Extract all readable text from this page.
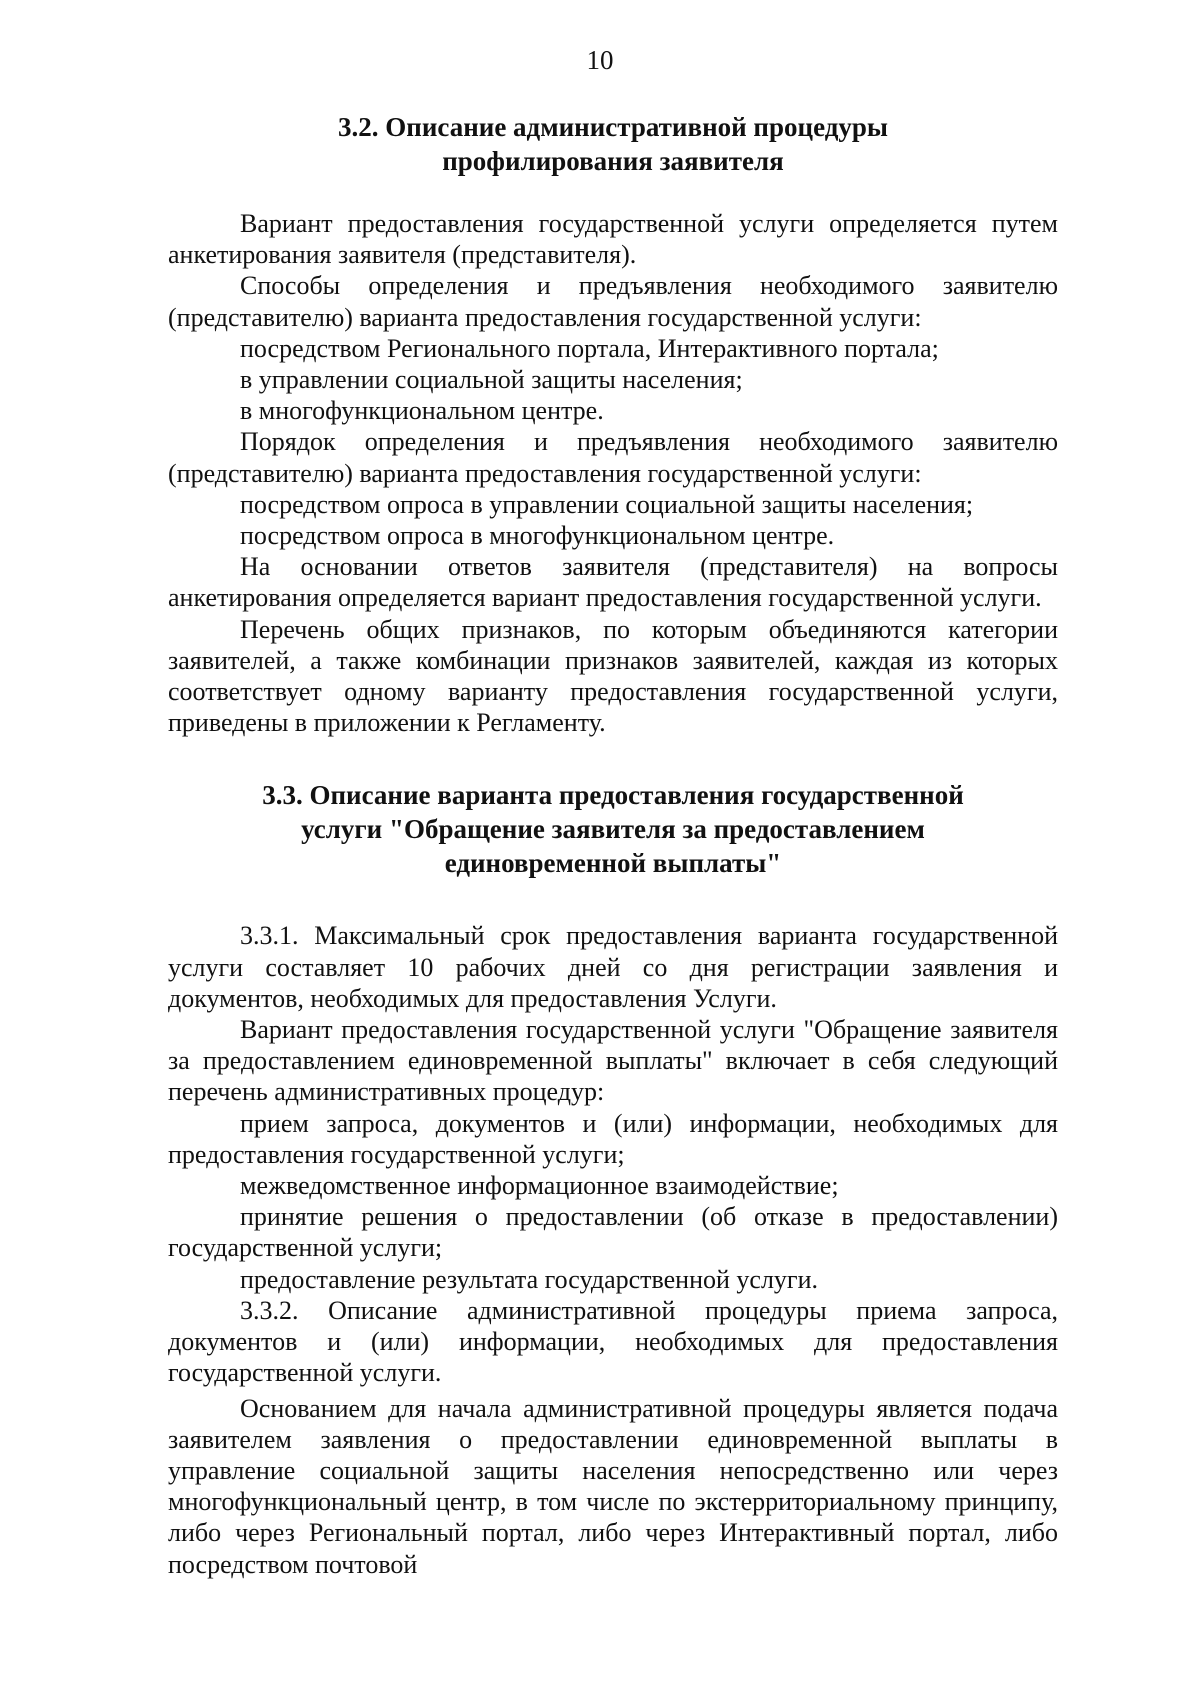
10
3.2. Описание административной процедуры
профилирования заявителя

Вариант предоставления государственной услуги определяется путем анкетирования заявителя (представителя).

Способы определения и предъявления необходимого заявителю (представителю) варианта предоставления государственной услуги:

посредством Регионального портала, Интерактивного портала;

в управлении социальной защиты населения;

в многофункциональном центре.

Порядок определения и предъявления необходимого заявителю (представителю) варианта предоставления государственной услуги:

посредством опроса в управлении социальной защиты населения;

посредством опроса в многофункциональном центре.

На основании ответов заявителя (представителя) на вопросы анкетирования определяется вариант предоставления государственной услуги.

Перечень общих признаков, по которым объединяются категории заявителей, а также комбинации признаков заявителей, каждая из которых соответствует одному варианту предоставления государственной услуги, приведены в приложении к Регламенту.

3.3. Описание варианта предоставления государственной
услуги "Обращение заявителя за предоставлением
единовременной выплаты"

3.3.1. Максимальный срок предоставления варианта государственной услуги составляет 10 рабочих дней со дня регистрации заявления и документов, необходимых для предоставления Услуги.

Вариант предоставления государственной услуги "Обращение заявителя за предоставлением единовременной выплаты" включает в себя следующий перечень административных процедур:

прием запроса, документов и (или) информации, необходимых для предоставления государственной услуги;

межведомственное информационное взаимодействие;

принятие решения о предоставлении (об отказе в предоставлении) государственной услуги;

предоставление результата государственной услуги.

3.3.2. Описание административной процедуры приема запроса, документов и (или) информации, необходимых для предоставления государственной услуги.

Основанием для начала административной процедуры является подача заявителем заявления о предоставлении единовременной выплаты в управление социальной защиты населения непосредственно или через многофункциональный центр, в том числе по экстерриториальному принципу, либо через Региональный портал, либо через Интерактивный портал, либо посредством почтовой
